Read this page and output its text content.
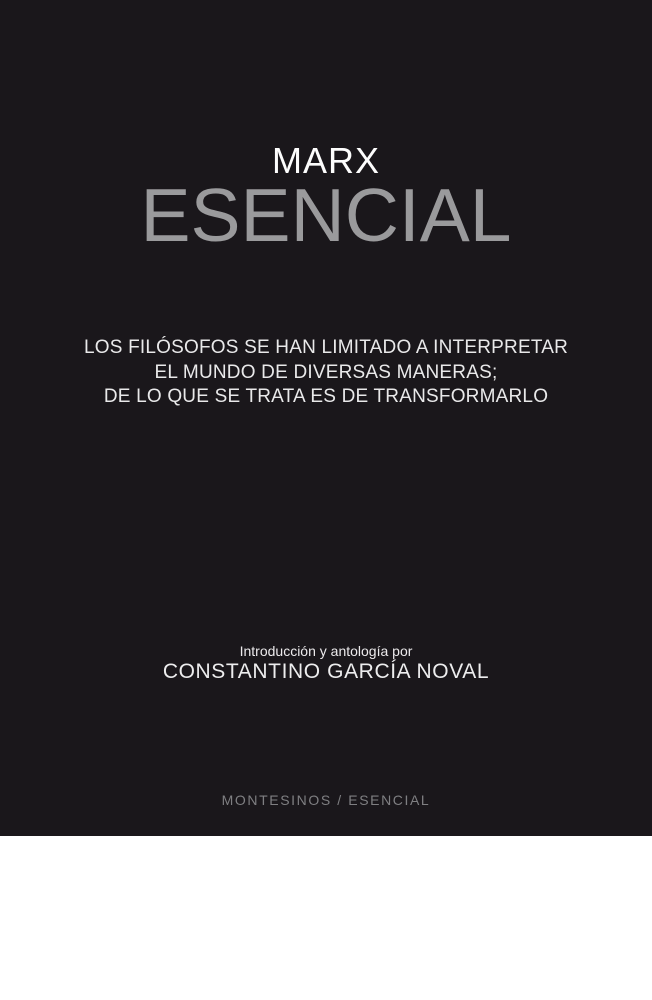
MARX
ESENCIAL
LOS FILÓSOFOS SE HAN LIMITADO A INTERPRETAR
EL MUNDO DE DIVERSAS MANERAS;
DE LO QUE SE TRATA ES DE TRANSFORMARLO
Introducción y antología por
CONSTANTINO GARCÍA NOVAL
MONTESINOS / ESENCIAL
